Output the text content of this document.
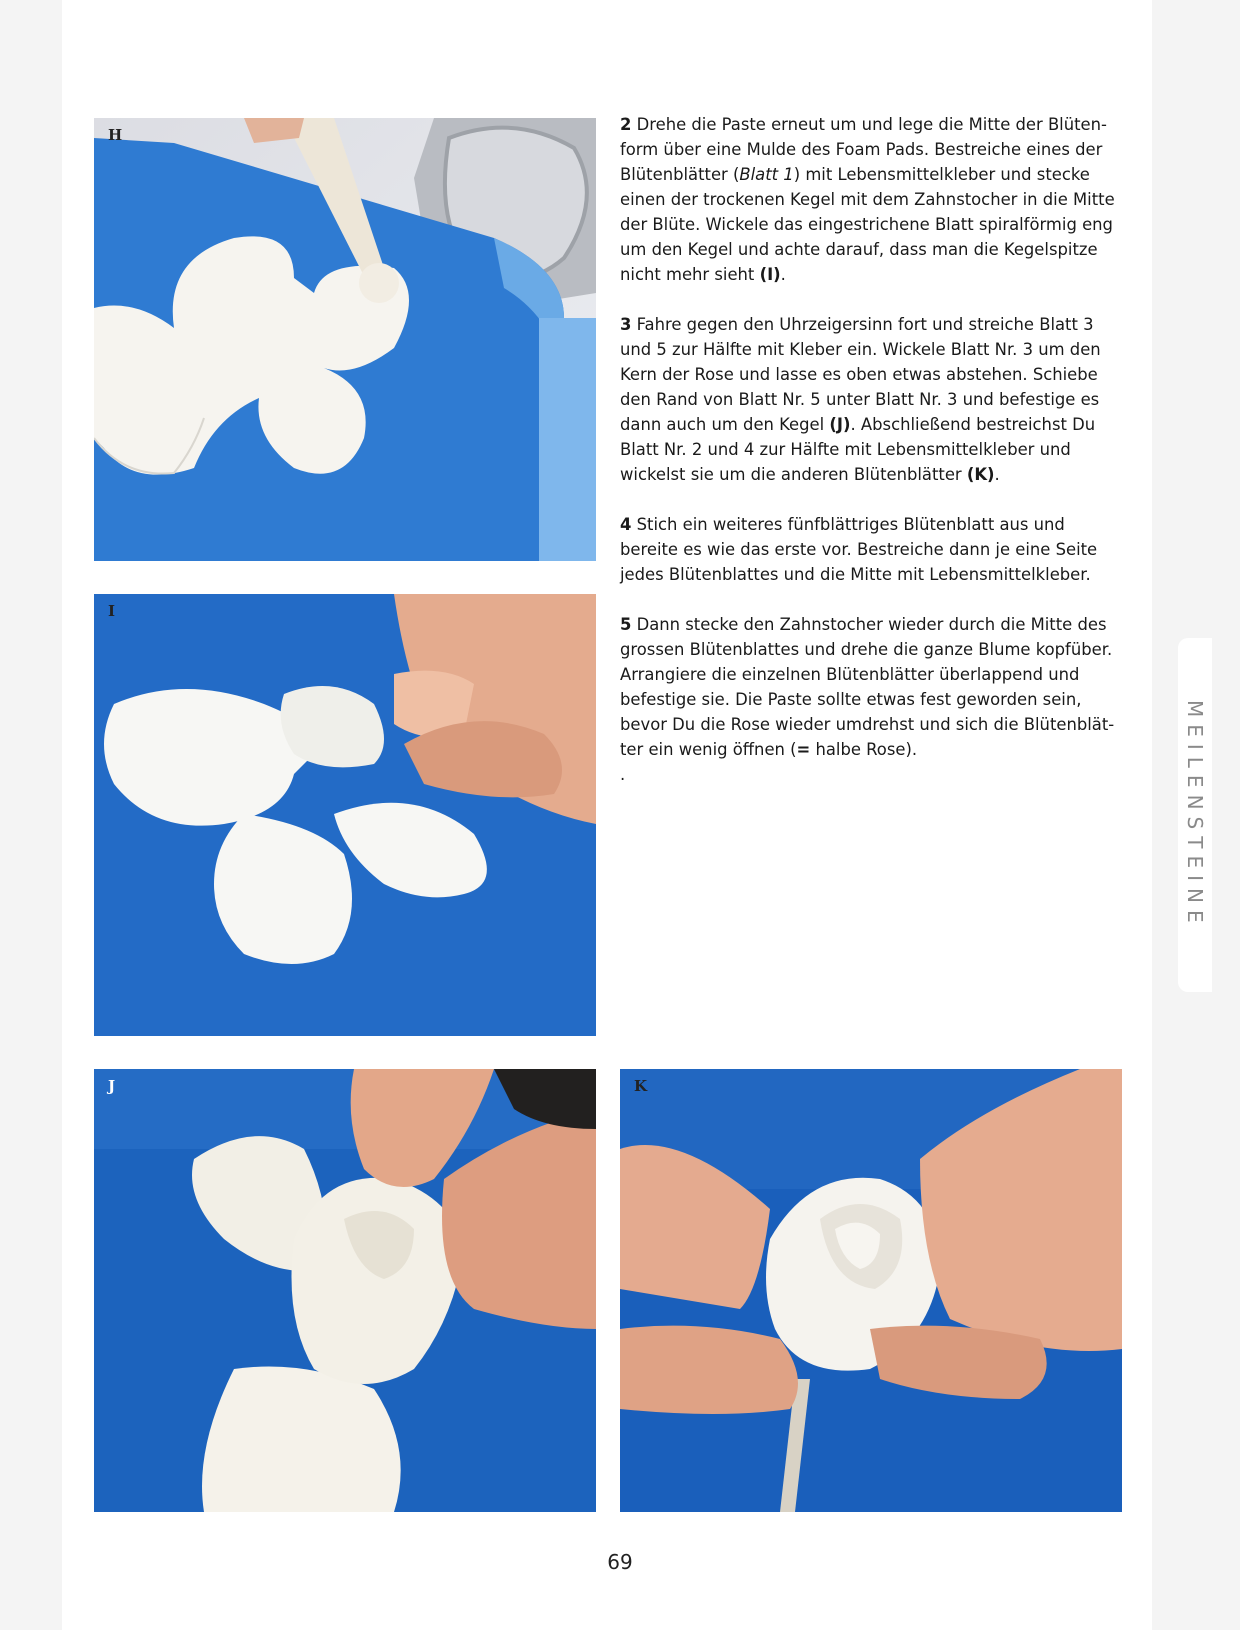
MEILENSTEINE
H
I
J	K

2 Drehe die Paste erneut um und lege die Mitte der Blütenform über eine Mulde des Foam Pads. Bestreiche eines der Blütenblätter (Blatt 1) mit Lebensmittelkleber und stecke einen der trockenen Kegel mit dem Zahnstocher in die Mitte der Blüte. Wickele das eingestrichene Blatt spiralförmig eng um den Kegel und achte darauf, dass man die Kegelspitze nicht mehr sieht (I).

3 Fahre gegen den Uhrzeigersinn fort und streiche Blatt 3 und 5 zur Hälfte mit Kleber ein. Wickele Blatt Nr. 3 um den Kern der Rose und lasse es oben etwas abstehen. Schiebe den Rand von Blatt Nr. 5 unter Blatt Nr. 3 und befestige es dann auch um den Kegel (J). Abschließend bestreichst Du Blatt Nr. 2 und 4 zur Hälfte mit Lebensmittelkleber und wickelst sie um die anderen Blütenblätter (K).

4 Stich ein weiteres fünfblättriges Blütenblatt aus und bereite es wie das erste vor. Bestreiche dann je eine Seite jedes Blütenblattes und die Mitte mit Lebensmittelkleber.

5 Dann stecke den Zahnstocher wieder durch die Mitte des grossen Blütenblattes und drehe die ganze Blume kopfüber. Arrangiere die einzelnen Blütenblätter überlappend und befestige sie. Die Paste sollte etwas fest geworden sein, bevor Du die Rose wieder umdrehst und sich die Blütenblätter ein wenig öffnen (= halbe Rose).

.
69
